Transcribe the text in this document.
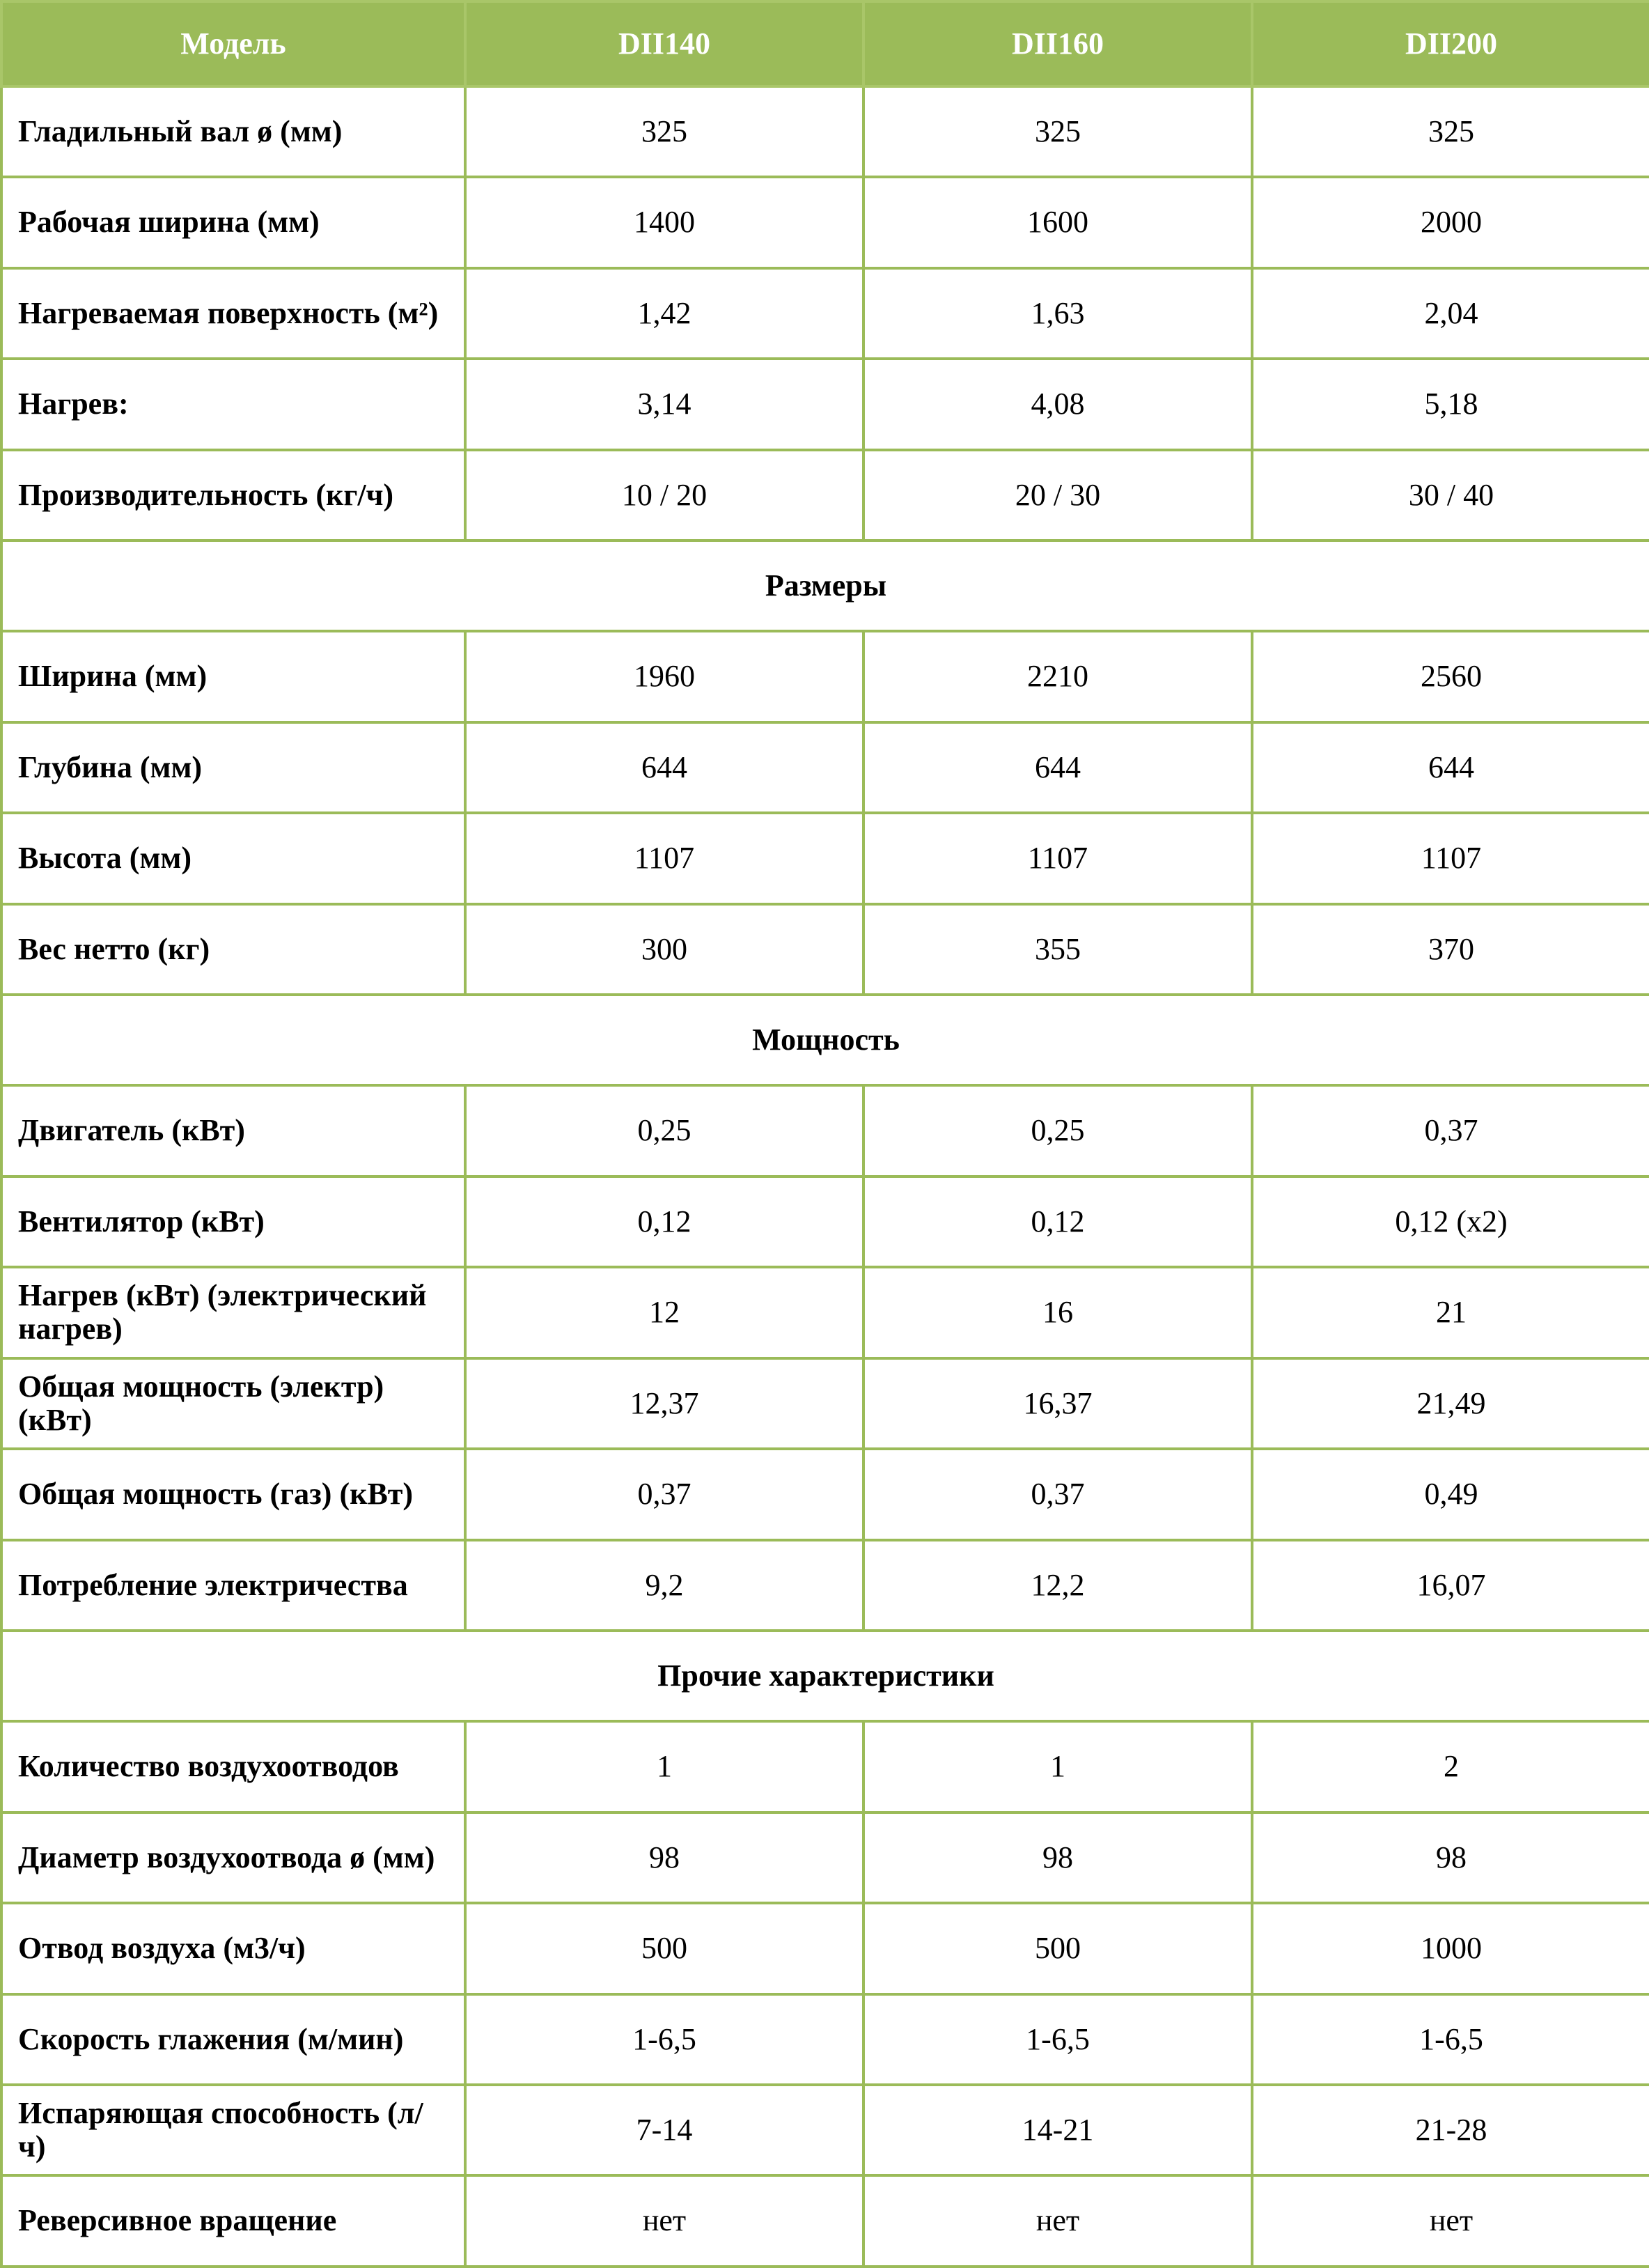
Модель	DII140	DII160	DII200
Гладильный вал ø (мм)	325	325	325
Рабочая ширина (мм)	1400	1600	2000
Нагреваемая поверхность (м²)	1,42	1,63	2,04
Нагрев:	3,14	4,08	5,18
Производительность (кг/ч)	10 / 20	20 / 30	30 / 40
Размеры			
Ширина (мм)	1960	2210	2560
Глубина (мм)	644	644	644
Высота (мм)	1107	1107	1107
Вес нетто (кг)	300	355	370
Мощность			
Двигатель (кВт)	0,25	0,25	0,37
Вентилятор (кВт)	0,12	0,12	0,12 (x2)
Нагрев (кВт) (электрический нагрев)	12	16	21
Общая мощность (электр)(кВт)	12,37	16,37	21,49
Общая мощность (газ) (кВт)	0,37	0,37	0,49
Потребление электричества	9,2	12,2	16,07
Прочие характеристики			
Количество воздухоотводов	1	1	2
Диаметр воздухоотвода ø (мм)	98	98	98
Отвод воздуха (м3/ч)	500	500	1000
Скорость глажения (м/мин)	1-6,5	1-6,5	1-6,5
Испаряющая способность (л/ч)	7-14	14-21	21-28
Реверсивное вращение	нет	нет	нет
